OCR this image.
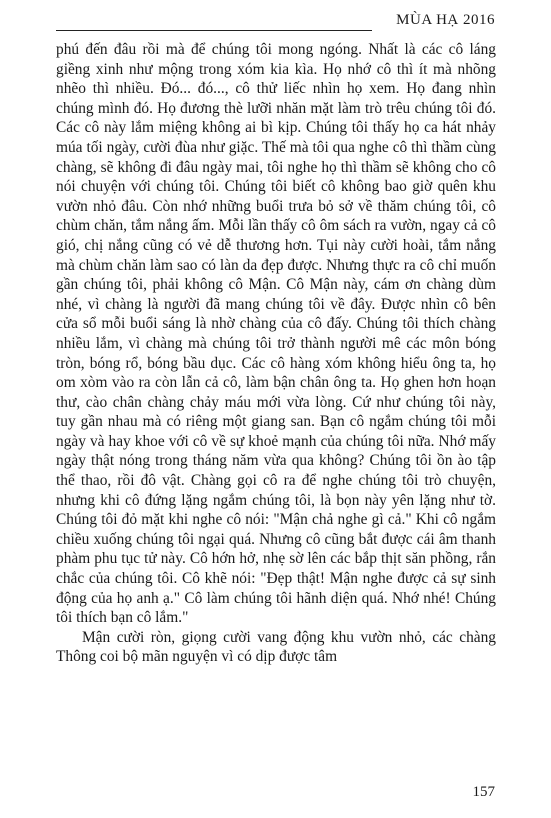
MÙA HẠ 2016

phú đến đâu rồi mà để chúng tôi mong ngóng. Nhất là các cô láng giềng xinh như mộng trong xóm kia kìa. Họ nhớ cô thì ít mà nhõng nhẽo thì nhiều. Đó... đó..., cô thử liếc nhìn họ xem. Họ đang nhìn chúng mình đó. Họ đương thè lưỡi nhăn mặt làm trò trêu chúng tôi đó. Các cô này lắm miệng không ai bì kịp. Chúng tôi thấy họ ca hát nhảy múa tối ngày, cười đùa như giặc. Thế mà tôi qua nghe cô thì thầm cùng chàng, sẽ không đi đâu ngày mai, tôi nghe họ thì thầm sẽ không cho cô nói chuyện với chúng tôi. Chúng tôi biết cô không bao giờ quên khu vườn nhỏ đâu. Còn nhớ những buổi trưa bỏ sở về thăm chúng tôi, cô chùm chăn, tắm nắng ấm. Mỗi lần thấy cô ôm sách ra vườn, ngay cả cô gió, chị nắng cũng có vẻ dễ thương hơn. Tụi này cười hoài, tắm nắng mà chùm chăn làm sao có làn da đẹp được. Nhưng thực ra cô chỉ muốn gần chúng tôi, phải không cô Mận. Cô Mận này, cám ơn chàng dùm nhé, vì chàng là người đã mang chúng tôi về đây. Được nhìn cô bên cửa sổ mỗi buổi sáng là nhờ chàng của cô đấy. Chúng tôi thích chàng nhiều lắm, vì chàng mà chúng tôi trở thành người mê các môn bóng tròn, bóng rổ, bóng bầu dục. Các cô hàng xóm không hiểu ông ta, họ om xòm vào ra còn lẫn cả cô, làm bận chân ông ta. Họ ghen hơn hoạn thư, cào chân chàng chảy máu mới vừa lòng. Cứ như chúng tôi này, tuy gần nhau mà có riêng một giang san. Bạn cô ngắm chúng tôi mỗi ngày và hay khoe với cô về sự khoẻ mạnh của chúng tôi nữa. Nhớ mấy ngày thật nóng trong tháng năm vừa qua không? Chúng tôi ồn ào tập thể thao, rồi đô vật. Chàng gọi cô ra để nghe chúng tôi trò chuyện, nhưng khi cô đứng lặng ngắm chúng tôi, là bọn này yên lặng như tờ. Chúng tôi đỏ mặt khi nghe cô nói: "Mận chả nghe gì cả." Khi cô ngắm chiều xuống chúng tôi ngại quá. Nhưng cô cũng bắt được cái âm thanh phàm phu tục tử này. Cô hớn hở, nhẹ sờ lên các bắp thịt săn phồng, rắn chắc của chúng tôi. Cô khẽ nói: "Đẹp thật! Mận nghe được cả sự sinh động của họ anh ạ." Cô làm chúng tôi hãnh diện quá. Nhớ nhé! Chúng tôi thích bạn cô lắm."

Mận cười ròn, giọng cười vang động khu vườn nhỏ, các chàng Thông coi bộ mãn nguyện vì có dịp được tâm

157
